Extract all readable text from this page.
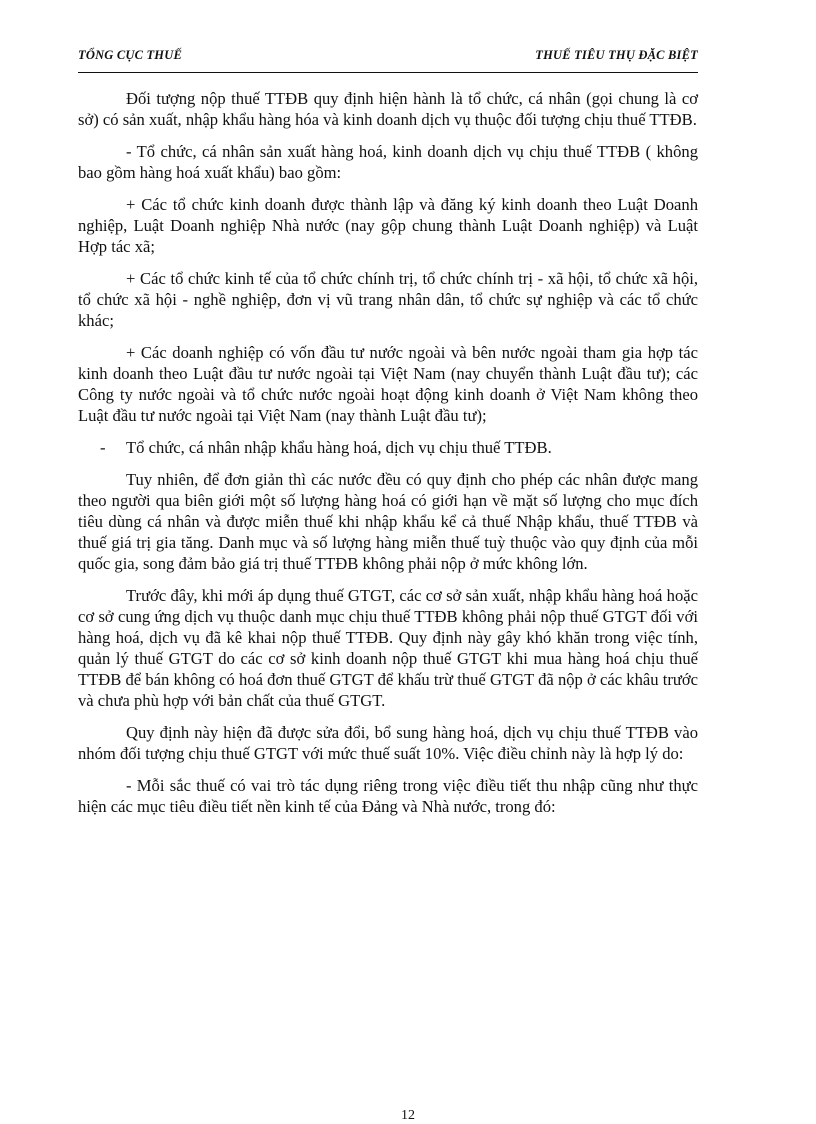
TỔNG CỤC THUẾ	THUẾ TIÊU THỤ ĐẶC BIỆT

Đối tượng nộp thuế TTĐB quy định hiện hành là tổ chức, cá nhân (gọi chung là cơ sở) có sản xuất, nhập khẩu hàng hóa và kinh doanh dịch vụ thuộc đối tượng chịu thuế TTĐB.

- Tổ chức, cá nhân sản xuất hàng hoá, kinh doanh dịch vụ chịu thuế TTĐB ( không bao gồm hàng hoá xuất khẩu) bao gồm:

+ Các tổ chức kinh doanh được thành lập và đăng ký kinh doanh theo Luật Doanh nghiệp, Luật Doanh nghiệp Nhà nước (nay gộp chung thành Luật Doanh nghiệp) và Luật Hợp tác xã;

+ Các tổ chức kinh tế của tổ chức chính trị, tổ chức chính trị - xã hội, tổ chức xã hội, tổ chức xã hội - nghề nghiệp, đơn vị vũ trang nhân dân, tổ chức sự nghiệp và các tổ chức khác;

+ Các doanh nghiệp có vốn đầu tư nước ngoài và bên nước ngoài tham gia hợp tác kinh doanh theo Luật đầu tư nước ngoài tại Việt Nam (nay chuyển thành Luật đầu tư); các Công ty nước ngoài và tổ chức nước ngoài hoạt động kinh doanh ở Việt Nam không theo Luật đầu tư nước ngoài tại Việt Nam (nay thành Luật đầu tư);

-	Tổ chức, cá nhân nhập khẩu hàng hoá, dịch vụ chịu thuế TTĐB.

Tuy nhiên, để đơn giản thì các nước đều có quy định cho phép các nhân được mang theo người qua biên giới một số lượng hàng hoá có giới hạn về mặt số lượng cho mục đích tiêu dùng cá nhân và được miễn thuế khi nhập khẩu kể cả thuế Nhập khẩu, thuế TTĐB và thuế giá trị gia tăng. Danh mục và số lượng hàng miễn thuế tuỳ thuộc vào quy định của mỗi quốc gia, song đảm bảo giá trị thuế TTĐB không phải nộp ở mức không lớn.

Trước đây, khi mới áp dụng thuế GTGT, các cơ sở sản xuất, nhập khẩu hàng hoá hoặc cơ sở cung ứng dịch vụ thuộc danh mục chịu thuế TTĐB không phải nộp thuế GTGT đối với hàng hoá, dịch vụ đã kê khai nộp thuế TTĐB. Quy định này gây khó khăn trong việc tính, quản lý thuế GTGT do các cơ sở kinh doanh nộp thuế GTGT khi mua hàng hoá chịu thuế TTĐB để bán không có hoá đơn thuế GTGT để khấu trừ thuế GTGT đã nộp ở các khâu trước và chưa phù hợp với bản chất của thuế GTGT.

Quy định này hiện đã được sửa đổi, bổ sung hàng hoá, dịch vụ chịu thuế TTĐB vào nhóm đối tượng chịu thuế GTGT với mức thuế suất 10%. Việc điều chỉnh này là hợp lý do:

- Mỗi sắc thuế có vai trò tác dụng riêng trong việc điều tiết thu nhập cũng như thực hiện các mục tiêu điều tiết nền kinh tế của Đảng và Nhà nước, trong đó:

12
